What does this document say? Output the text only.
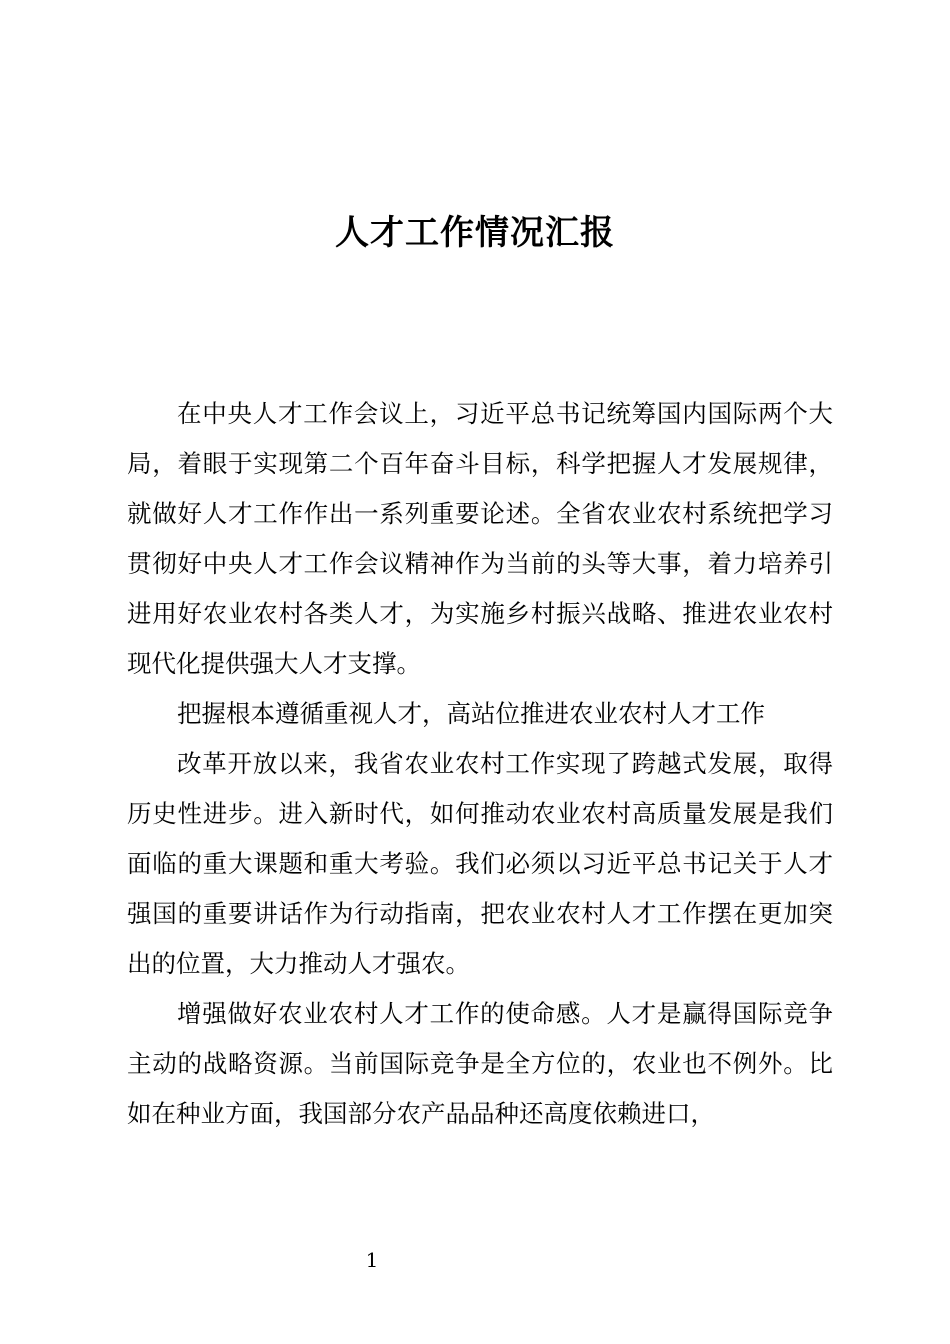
人才工作情况汇报

在中央人才工作会议上，习近平总书记统筹国内国际两个大局，着眼于实现第二个百年奋斗目标，科学把握人才发展规律，就做好人才工作作出一系列重要论述。全省农业农村系统把学习贯彻好中央人才工作会议精神作为当前的头等大事，着力培养引进用好农业农村各类人才，为实施乡村振兴战略、推进农业农村现代化提供强大人才支撑。

把握根本遵循重视人才，高站位推进农业农村人才工作

改革开放以来，我省农业农村工作实现了跨越式发展，取得历史性进步。进入新时代，如何推动农业农村高质量发展是我们面临的重大课题和重大考验。我们必须以习近平总书记关于人才强国的重要讲话作为行动指南，把农业农村人才工作摆在更加突出的位置，大力推动人才强农。

增强做好农业农村人才工作的使命感。人才是赢得国际竞争主动的战略资源。当前国际竞争是全方位的，农业也不例外。比如在种业方面，我国部分农产品品种还高度依赖进口，

1
